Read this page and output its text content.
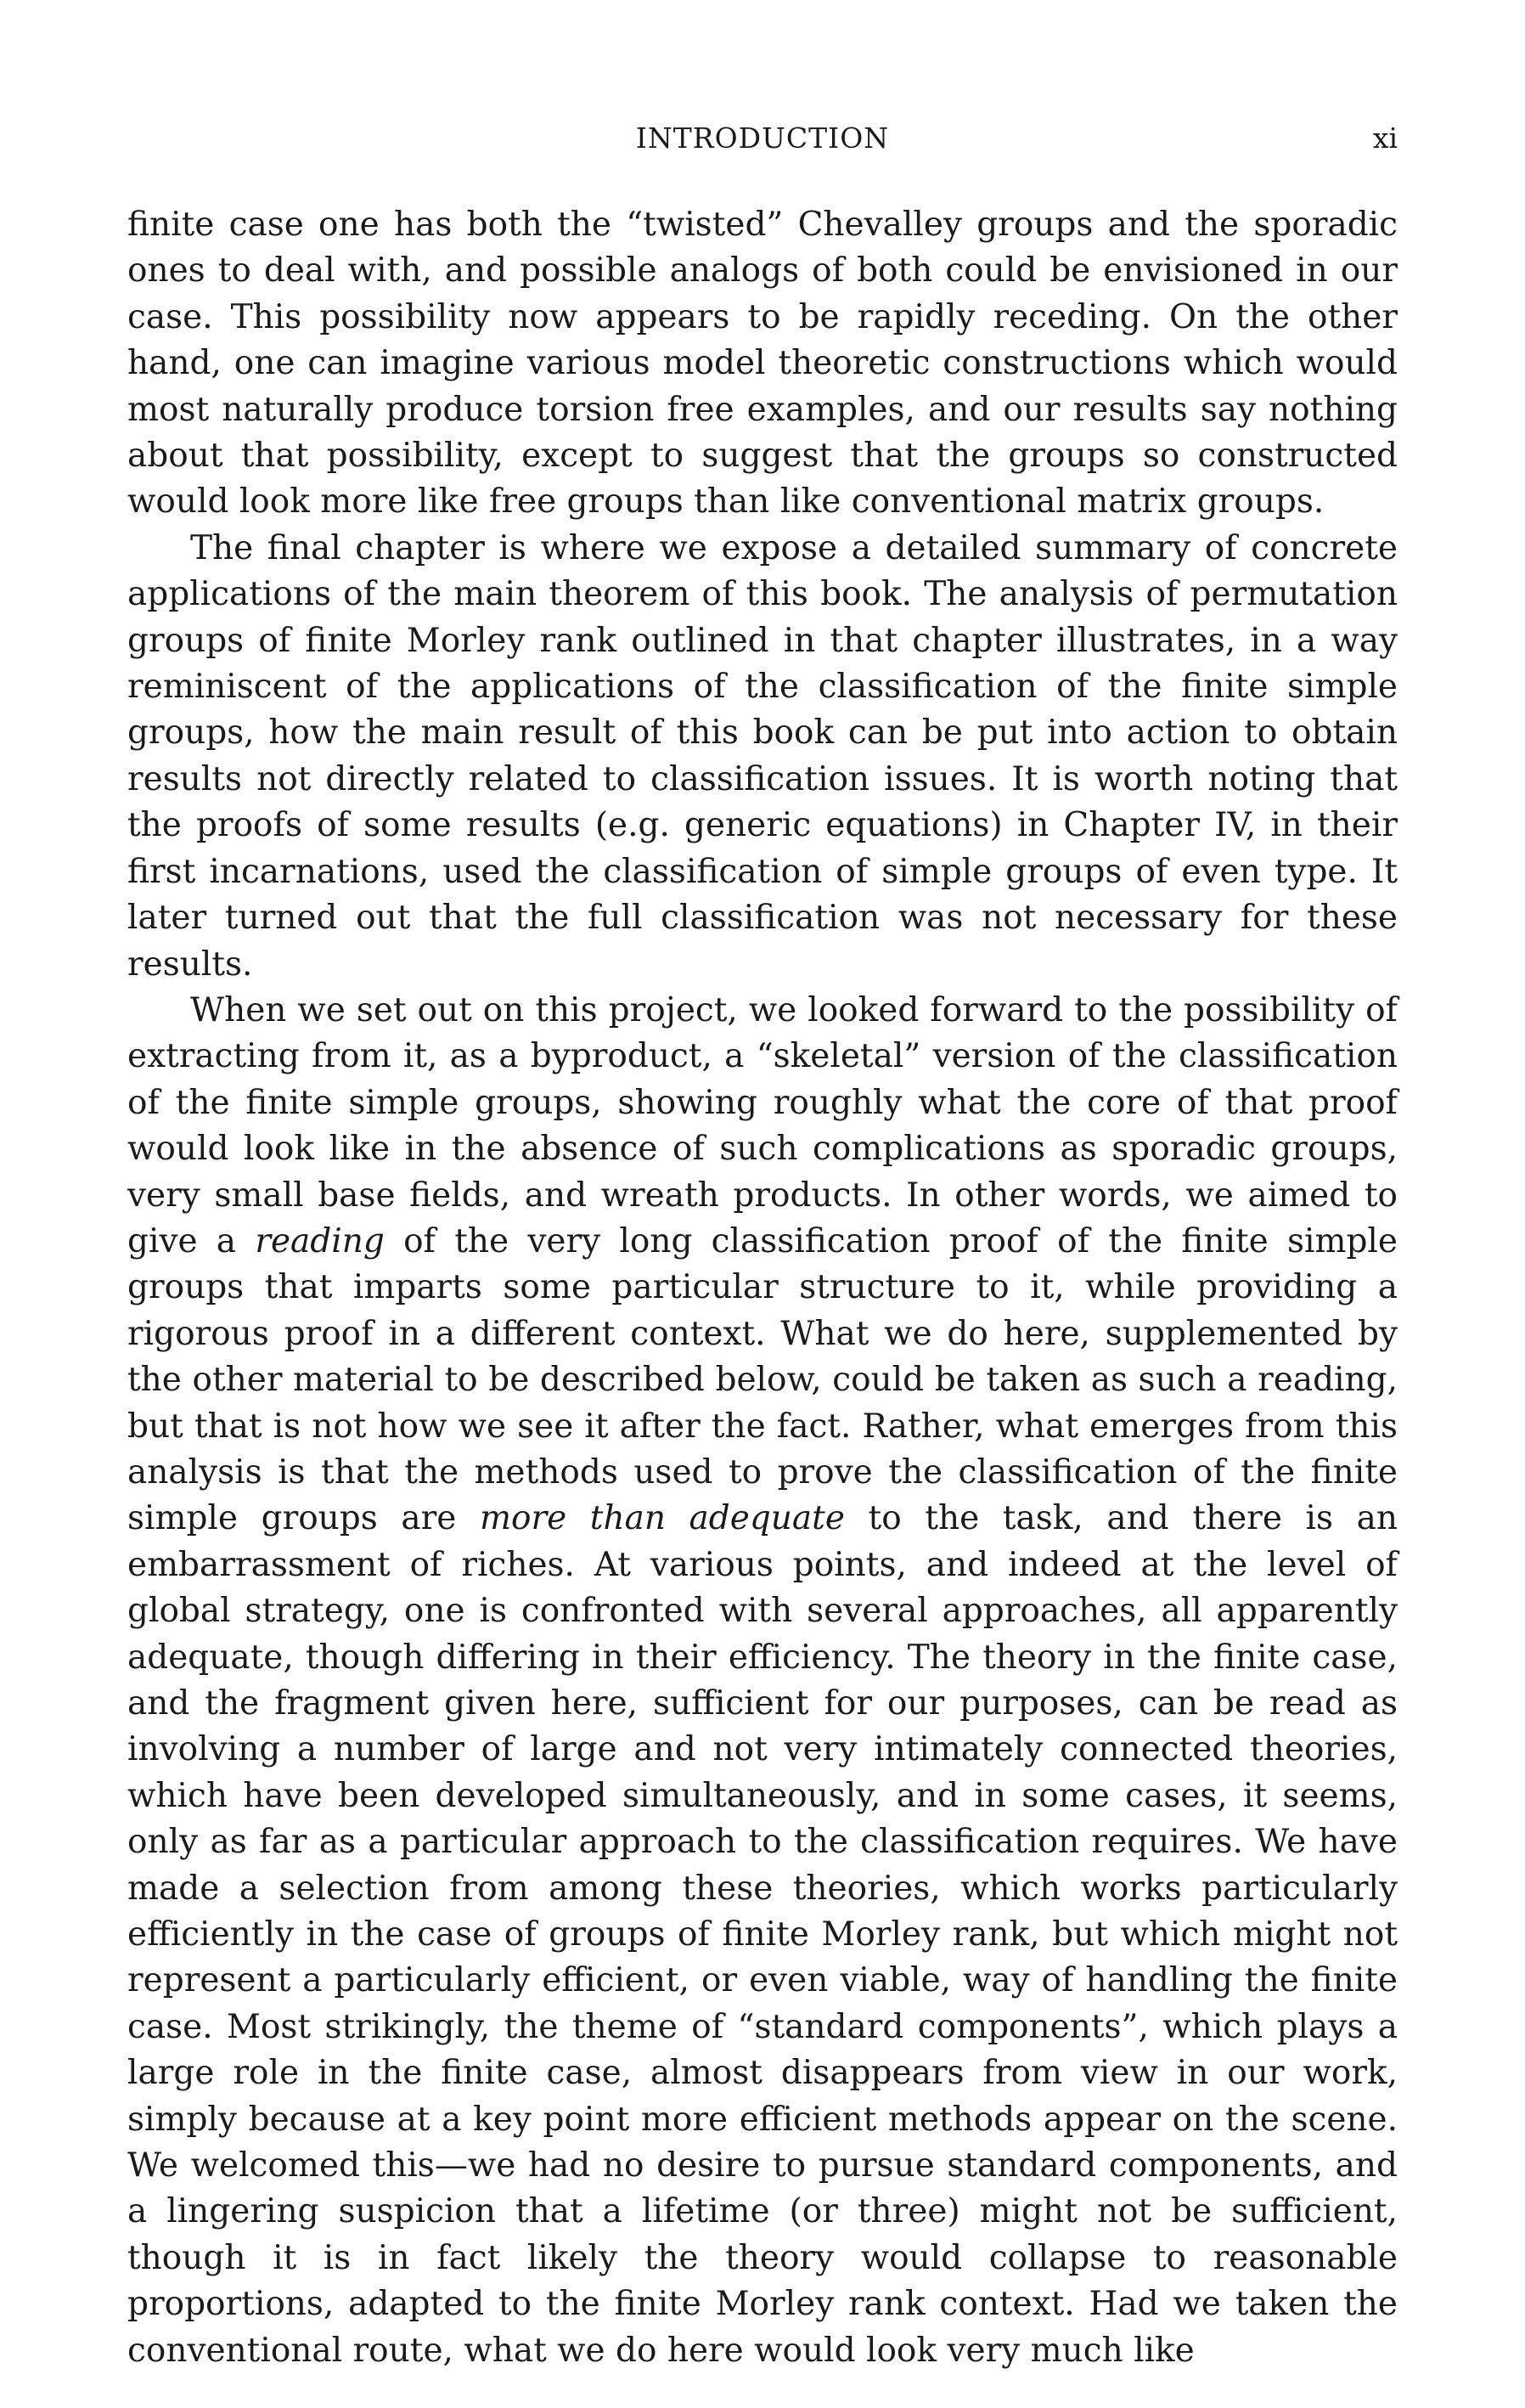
INTRODUCTION	xi

finite case one has both the “twisted” Chevalley groups and the sporadic ones to deal with, and possible analogs of both could be envisioned in our case. This possibility now appears to be rapidly receding. On the other hand, one can imagine various model theoretic constructions which would most naturally produce torsion free examples, and our results say nothing about that possibility, except to suggest that the groups so constructed would look more like free groups than like conventional matrix groups.

The final chapter is where we expose a detailed summary of concrete applications of the main theorem of this book. The analysis of permutation groups of finite Morley rank outlined in that chapter illustrates, in a way reminiscent of the applications of the classification of the finite simple groups, how the main result of this book can be put into action to obtain results not directly related to classification issues. It is worth noting that the proofs of some results (e.g. generic equations) in Chapter IV, in their first incarnations, used the classification of simple groups of even type. It later turned out that the full classification was not necessary for these results.

When we set out on this project, we looked forward to the possibility of extracting from it, as a byproduct, a “skeletal” version of the classification of the finite simple groups, showing roughly what the core of that proof would look like in the absence of such complications as sporadic groups, very small base fields, and wreath products. In other words, we aimed to give a reading of the very long classification proof of the finite simple groups that imparts some particular structure to it, while providing a rigorous proof in a different context. What we do here, supplemented by the other material to be described below, could be taken as such a reading, but that is not how we see it after the fact. Rather, what emerges from this analysis is that the methods used to prove the classification of the finite simple groups are more than adequate to the task, and there is an embarrassment of riches. At various points, and indeed at the level of global strategy, one is confronted with several approaches, all apparently adequate, though differing in their efficiency. The theory in the finite case, and the fragment given here, sufficient for our purposes, can be read as involving a number of large and not very intimately connected theories, which have been developed simultaneously, and in some cases, it seems, only as far as a particular approach to the classification requires. We have made a selection from among these theories, which works particularly efficiently in the case of groups of finite Morley rank, but which might not represent a particularly efficient, or even viable, way of handling the finite case. Most strikingly, the theme of “standard components”, which plays a large role in the finite case, almost disappears from view in our work, simply because at a key point more efficient methods appear on the scene. We welcomed this—we had no desire to pursue standard components, and a lingering suspicion that a lifetime (or three) might not be sufficient, though it is in fact likely the theory would collapse to reasonable proportions, adapted to the finite Morley rank context. Had we taken the conventional route, what we do here would look very much like
